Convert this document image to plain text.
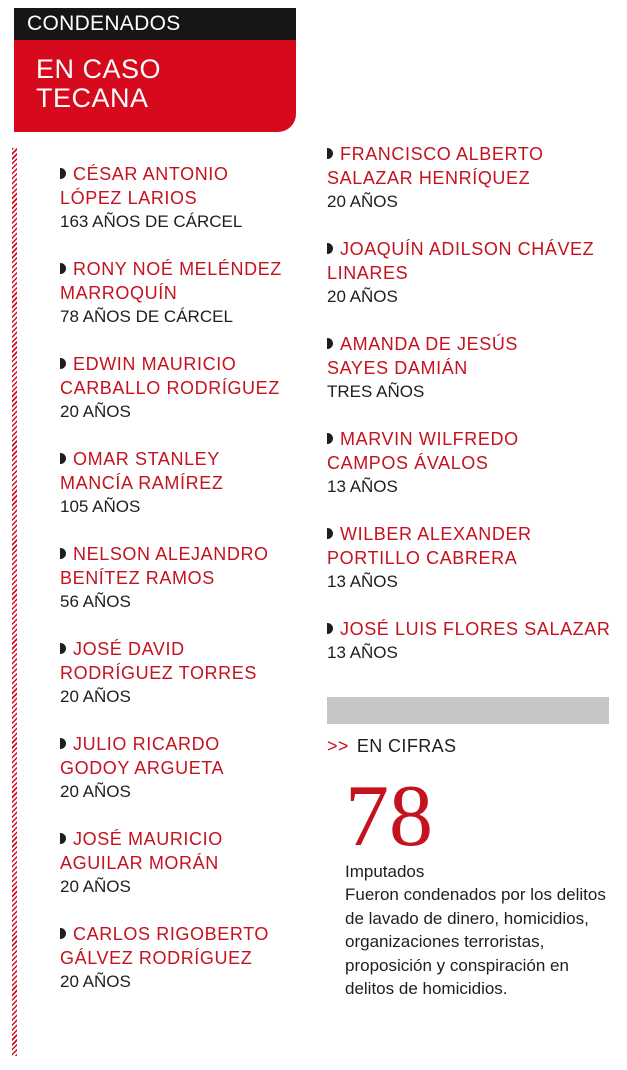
CONDENADOS
EN CASO
TECANA
CÉSAR ANTONIO
LÓPEZ LARIOS
163 AÑOS DE CÁRCEL
RONY NOÉ MELÉNDEZ
MARROQUÍN
78 AÑOS DE CÁRCEL
EDWIN MAURICIO
CARBALLO RODRÍGUEZ
20 AÑOS
OMAR STANLEY
MANCÍA RAMÍREZ
105 AÑOS
NELSON ALEJANDRO
BENÍTEZ RAMOS
56 AÑOS
JOSÉ DAVID
RODRÍGUEZ TORRES
20 AÑOS
JULIO RICARDO
GODOY ARGUETA
20 AÑOS
JOSÉ MAURICIO
AGUILAR MORÁN
20 AÑOS
CARLOS RIGOBERTO
GÁLVEZ RODRÍGUEZ
20 AÑOS
FRANCISCO ALBERTO
SALAZAR HENRÍQUEZ
20 AÑOS
JOAQUÍN ADILSON CHÁVEZ
LINARES
20 AÑOS
AMANDA DE JESÚS
SAYES DAMIÁN
TRES AÑOS
MARVIN WILFREDO
CAMPOS ÁVALOS
13 AÑOS
WILBER ALEXANDER
PORTILLO CABRERA
13 AÑOS
JOSÉ LUIS FLORES SALAZAR
13 AÑOS
>> EN CIFRAS
78
Imputados
Fueron condenados por los delitos de lavado de dinero, homicidios, organizaciones terroristas, proposición y conspiración en delitos de homicidios.
